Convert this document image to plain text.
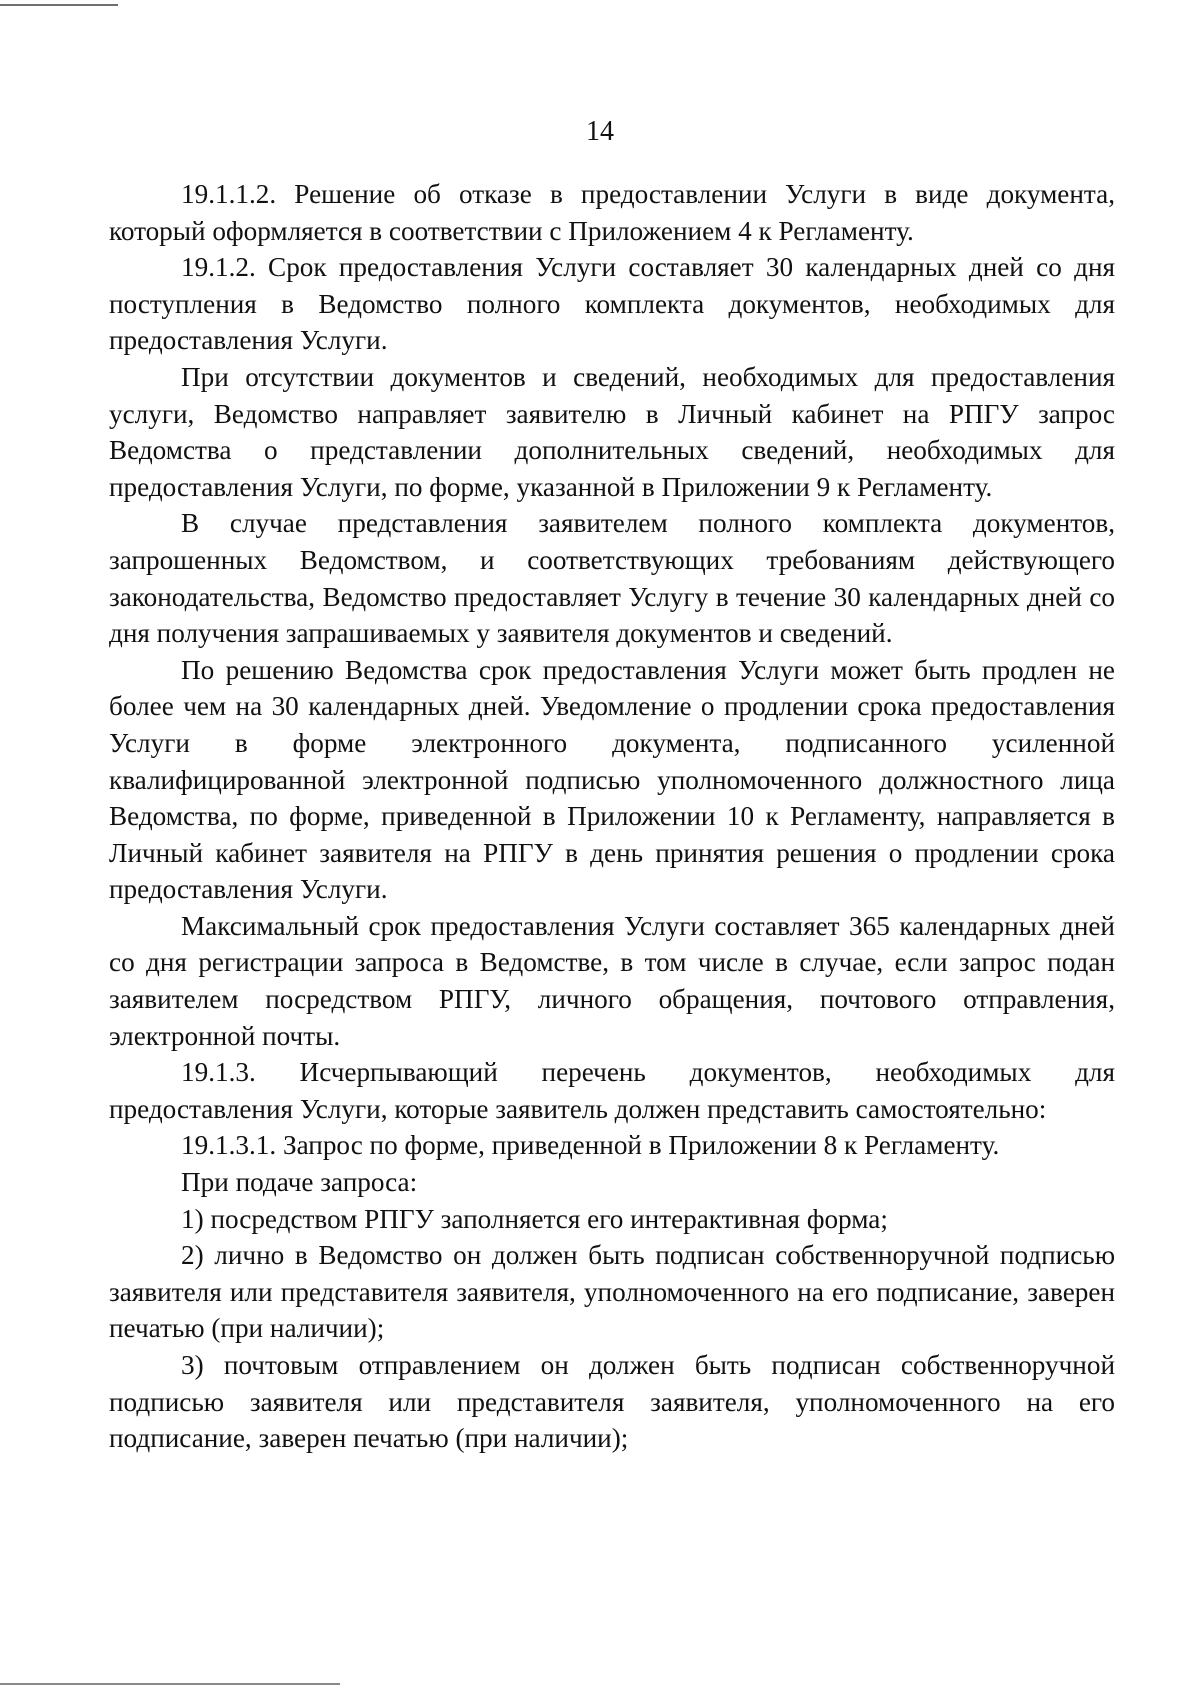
14

19.1.1.2. Решение об отказе в предоставлении Услуги в виде документа, который оформляется в соответствии с Приложением 4 к Регламенту.

19.1.2. Срок предоставления Услуги составляет 30 календарных дней со дня поступления в Ведомство полного комплекта документов, необходимых для предоставления Услуги.

При отсутствии документов и сведений, необходимых для предоставления услуги, Ведомство направляет заявителю в Личный кабинет на РПГУ запрос Ведомства о представлении дополнительных сведений, необходимых для предоставления Услуги, по форме, указанной в Приложении 9 к Регламенту.

В случае представления заявителем полного комплекта документов, запрошенных Ведомством, и соответствующих требованиям действующего законодательства, Ведомство предоставляет Услугу в течение 30 календарных дней со дня получения запрашиваемых у заявителя документов и сведений.

По решению Ведомства срок предоставления Услуги может быть продлен не более чем на 30 календарных дней. Уведомление о продлении срока предоставления Услуги в форме электронного документа, подписанного усиленной квалифицированной электронной подписью уполномоченного должностного лица Ведомства, по форме, приведенной в Приложении 10 к Регламенту, направляется в Личный кабинет заявителя на РПГУ в день принятия решения о продлении срока предоставления Услуги.

Максимальный срок предоставления Услуги составляет 365 календарных дней со дня регистрации запроса в Ведомстве, в том числе в случае, если запрос подан заявителем посредством РПГУ, личного обращения, почтового отправления, электронной почты.

19.1.3. Исчерпывающий перечень документов, необходимых для предоставления Услуги, которые заявитель должен представить самостоятельно:

19.1.3.1. Запрос по форме, приведенной в Приложении 8 к Регламенту.

При подаче запроса:

1) посредством РПГУ заполняется его интерактивная форма;

2) лично в Ведомство он должен быть подписан собственноручной подписью заявителя или представителя заявителя, уполномоченного на его подписание, заверен печатью (при наличии);

3) почтовым отправлением он должен быть подписан собственноручной подписью заявителя или представителя заявителя, уполномоченного на его подписание, заверен печатью (при наличии);
